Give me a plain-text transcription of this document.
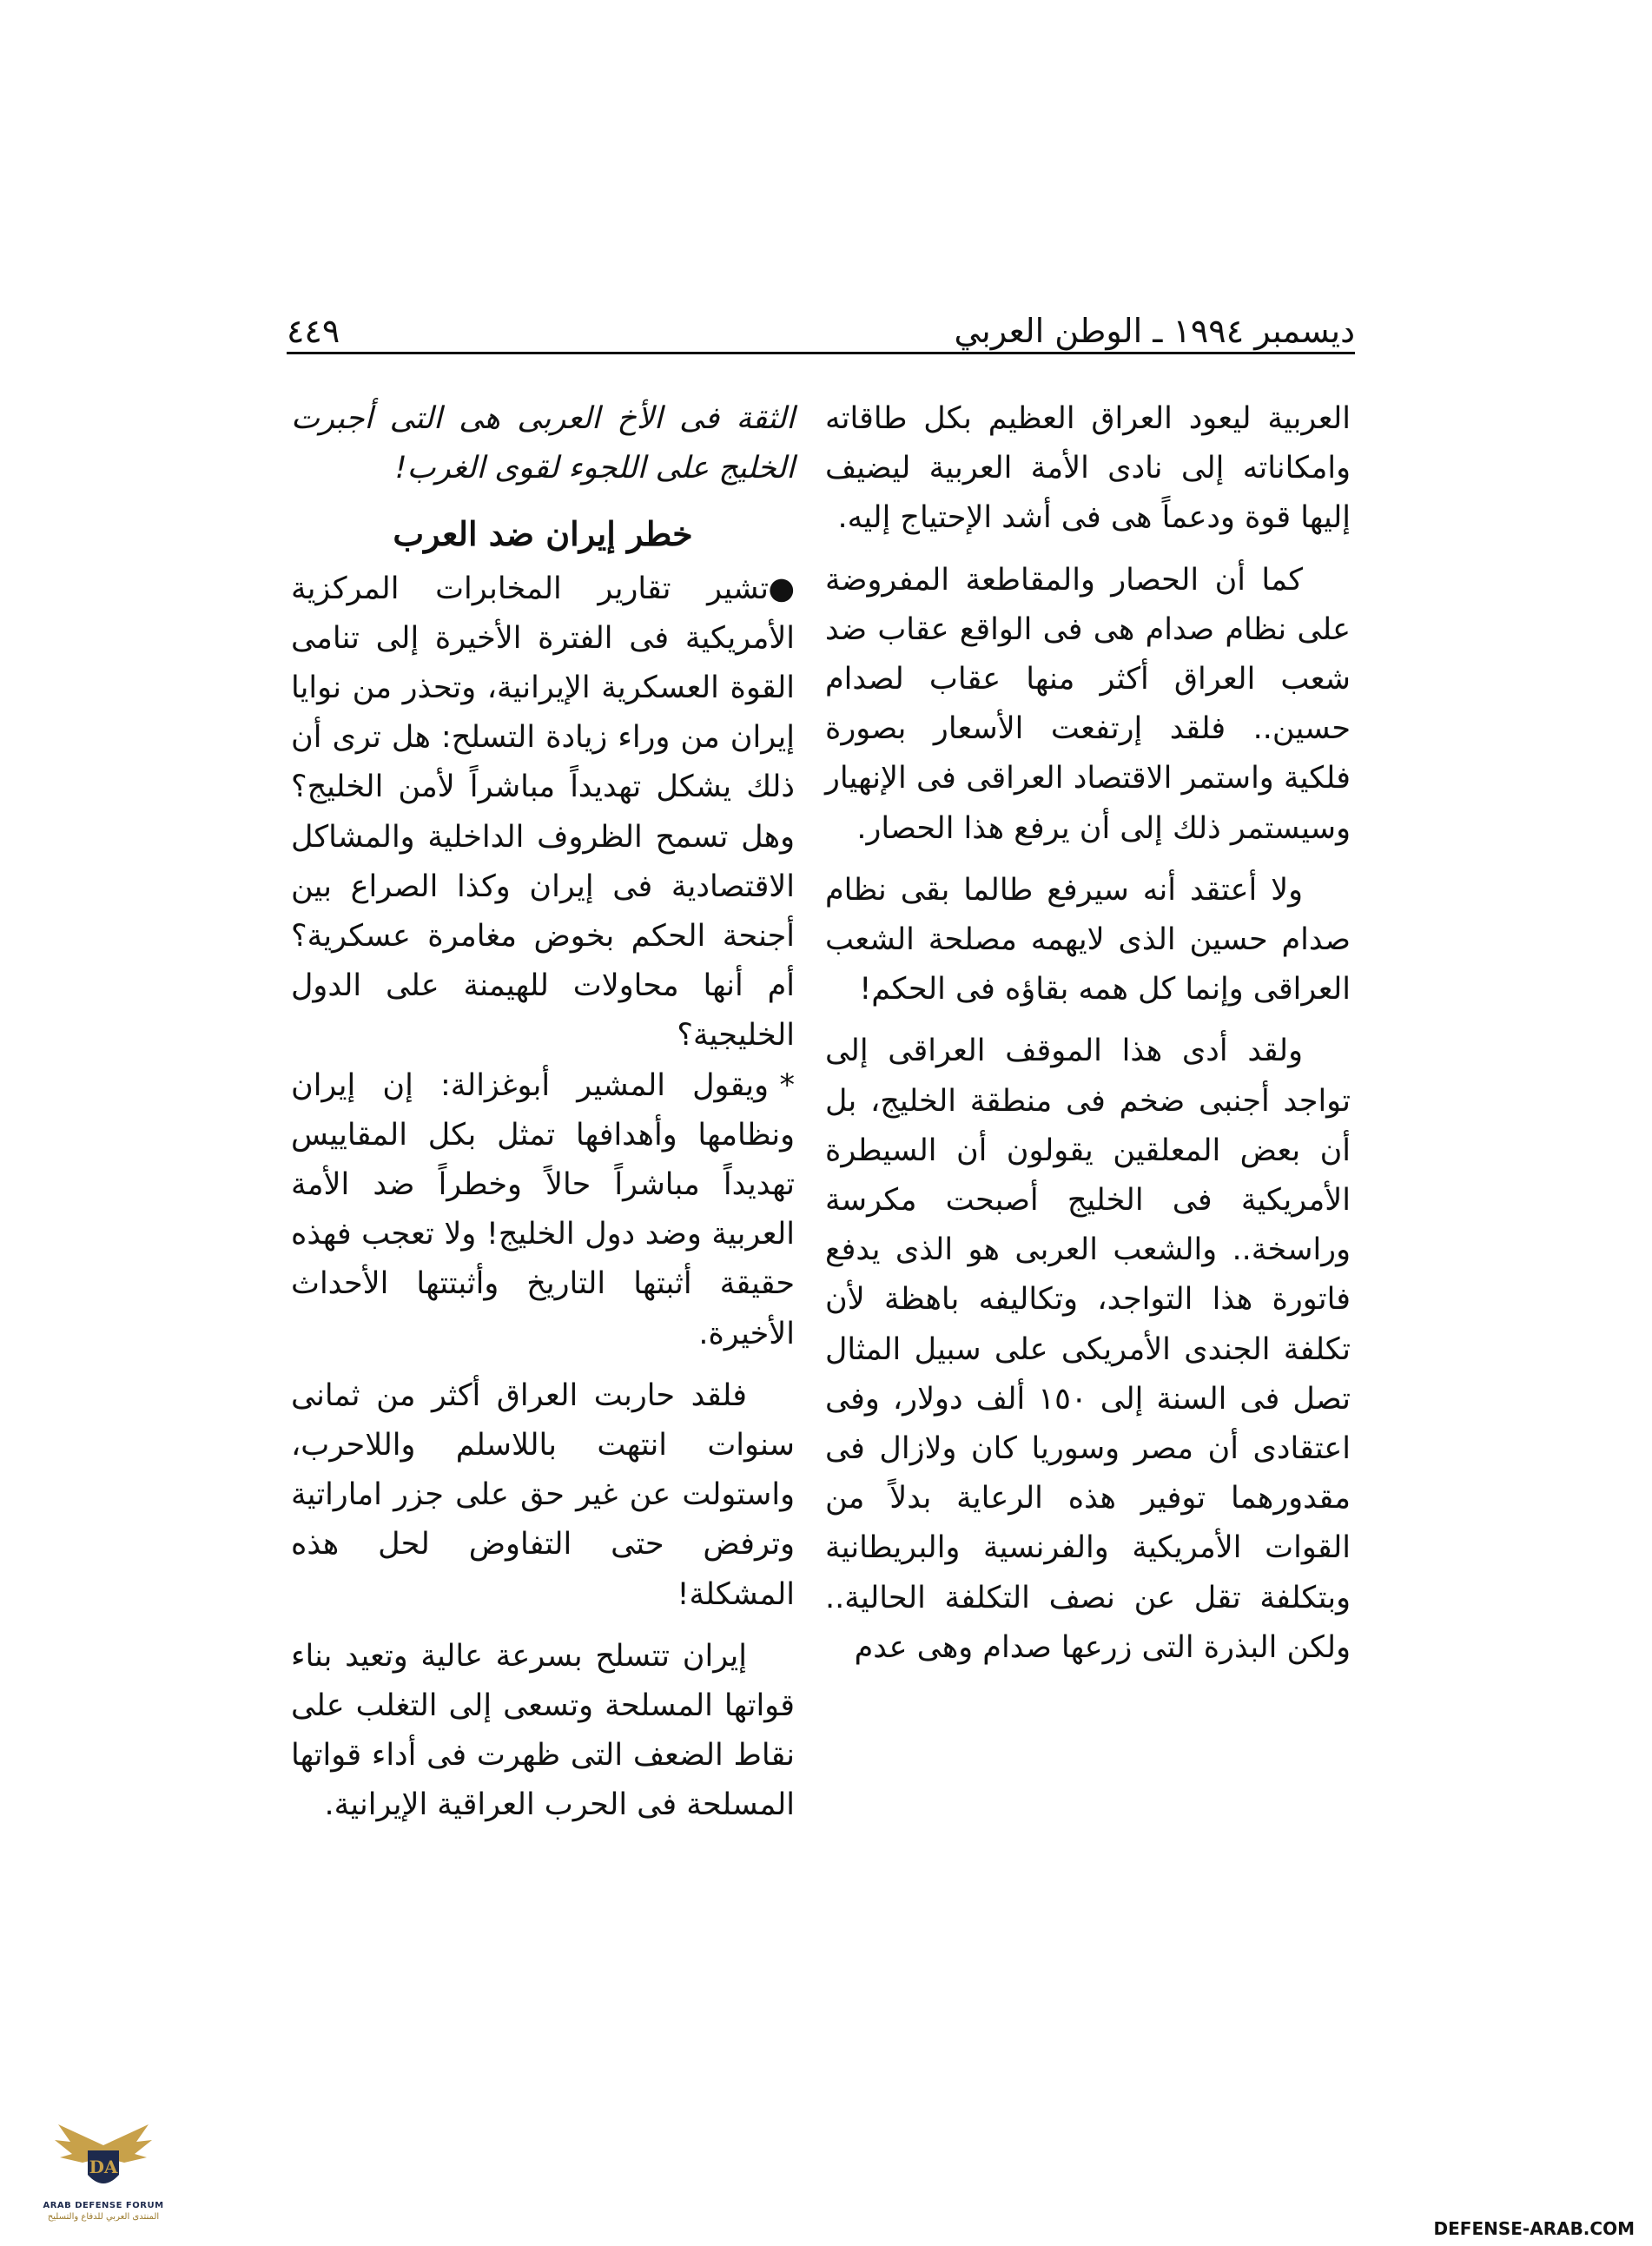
ديسمبر ١٩٩٤ ـ الوطن العربي
٤٤٩

العربية ليعود العراق العظيم بكل طاقاته وامكاناته إلى نادى الأمة العربية ليضيف إليها قوة ودعماً هى فى أشد الإحتياج إليه.

كما أن الحصار والمقاطعة المفروضة على نظام صدام هى فى الواقع عقاب ضد شعب العراق أكثر منها عقاب لصدام حسين.. فلقد إرتفعت الأسعار بصورة فلكية واستمر الاقتصاد العراقى فى الإنهيار وسيستمر ذلك إلى أن يرفع هذا الحصار.

ولا أعتقد أنه سيرفع طالما بقى نظام صدام حسين الذى لايهمه مصلحة الشعب العراقى وإنما كل همه بقاؤه فى الحكم!

ولقد أدى هذا الموقف العراقى إلى تواجد أجنبى ضخم فى منطقة الخليج، بل أن بعض المعلقين يقولون أن السيطرة الأمريكية فى الخليج أصبحت مكرسة وراسخة.. والشعب العربى هو الذى يدفع فاتورة هذا التواجد، وتكاليفه باهظة لأن تكلفة الجندى الأمريكى على سبيل المثال تصل فى السنة إلى ١٥٠ ألف دولار، وفى اعتقادى أن مصر وسوريا كان ولازال فى مقدورهما توفير هذه الرعاية بدلاً من القوات الأمريكية والفرنسية والبريطانية وبتكلفة تقل عن نصف التكلفة الحالية.. ولكن البذرة التى زرعها صدام وهى عدم

الثقة فى الأخ العربى هى التى أجبرت الخليج على اللجوء لقوى الغرب!

خطر إيران ضد العرب

●تشير تقارير المخابرات المركزية الأمريكية فى الفترة الأخيرة إلى تنامى القوة العسكرية الإيرانية، وتحذر من نوايا إيران من وراء زيادة التسلح: هل ترى أن ذلك يشكل تهديداً مباشراً لأمن الخليج؟ وهل تسمح الظروف الداخلية والمشاكل الاقتصادية فى إيران وكذا الصراع بين أجنحة الحكم بخوض مغامرة عسكرية؟ أم أنها محاولات للهيمنة على الدول الخليجية؟

*ويقول المشير أبوغزالة: إن إيران ونظامها وأهدافها تمثل بكل المقاييس تهديداً مباشراً حالاً وخطراً ضد الأمة العربية وضد دول الخليج! ولا تعجب فهذه حقيقة أثبتها التاريخ وأثبتتها الأحداث الأخيرة.

فلقد حاربت العراق أكثر من ثمانى سنوات انتهت باللاسلم واللاحرب، واستولت عن غير حق على جزر اماراتية وترفض حتى التفاوض لحل هذه المشكلة!

إيران تتسلح بسرعة عالية وتعيد بناء قواتها المسلحة وتسعى إلى التغلب على نقاط الضعف التى ظهرت فى أداء قواتها المسلحة فى الحرب العراقية الإيرانية.

DA
ARAB DEFENSE FORUM
المنتدى العربي للدفاع والتسليح
DEFENSE-ARAB.COM
